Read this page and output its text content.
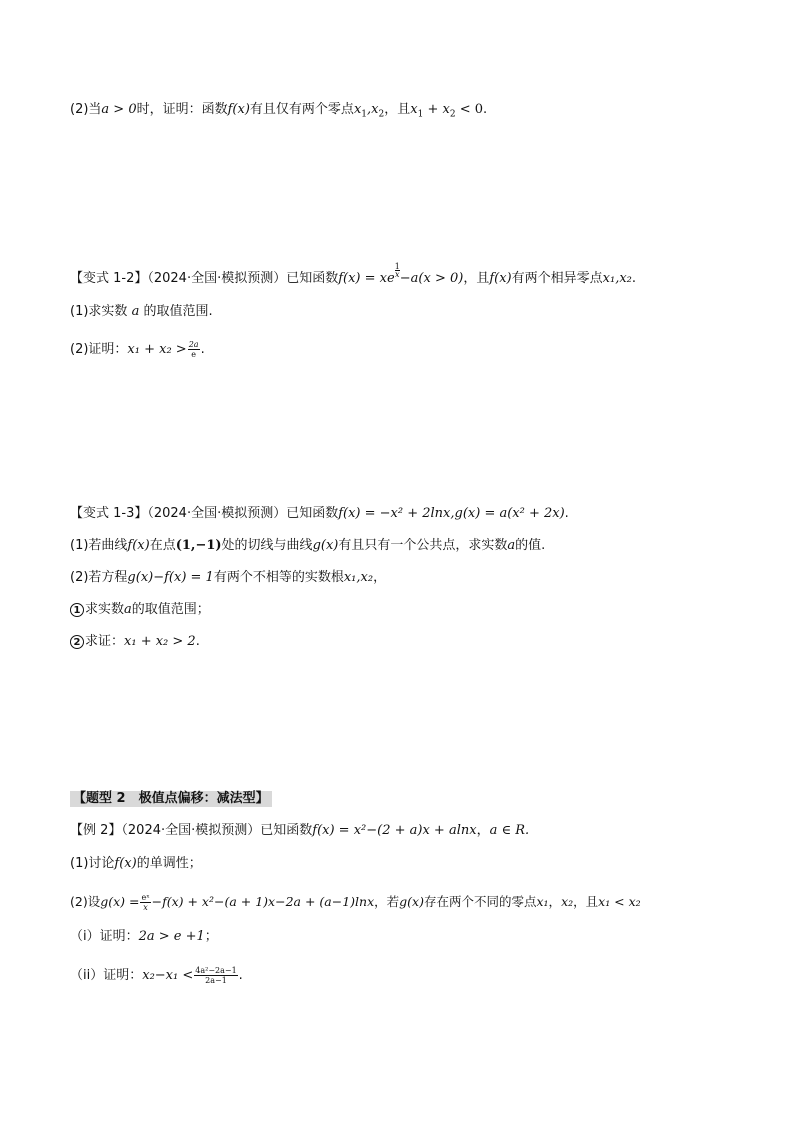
(2)当a > 0时，证明：函数f(x)有且仅有两个零点$x_1,x_2$，且$x_1 + x_2 < 0$.
【变式 1-2】（2024·全国·模拟预测）已知函数f(x) = xe
$^{\frac{1}{x}}$
−a(x > 0)，且f(x)有两个相异零点x₁,x₂.
(1)求实数 a 的取值范围.
(2)证明：$x_1 + x_2 > \frac{2a}{e}$ .
【变式 1-3】（2024·全国·模拟预测）已知函数f(x) = −x² + 2lnx,g(x) = a(x² + 2x).
(1)若曲线f(x)在点(1,−1)处的切线与曲线g(x)有且只有一个公共点，求实数a的值.
(2)若方程g(x)−f(x) = 1有两个不相等的实数根x₁,x₂，
1 求实数a的取值范围；
2 求证：x₁ + x₂ > 2.
【题型 2　极值点偏移：减法型】
【例 2】（2024·全国·模拟预测）已知函数f(x) = x²−(2 + a)x + alnx，a ∈ R.
(1)讨论f(x)的单调性；
(2)设$g(x) = \frac{\text{eˣ}}{x} -f(x) + x^2-(a + 1)x-2a + (a-1)\ln x$，若g(x)存在两个不同的零点x₁，x₂，且x₁ < x₂
（i）证明：2a > e +1；
（ii）证明：$x_2-x_1 < \frac{\text{4a²−2a−1}}{2a-1}$ .
